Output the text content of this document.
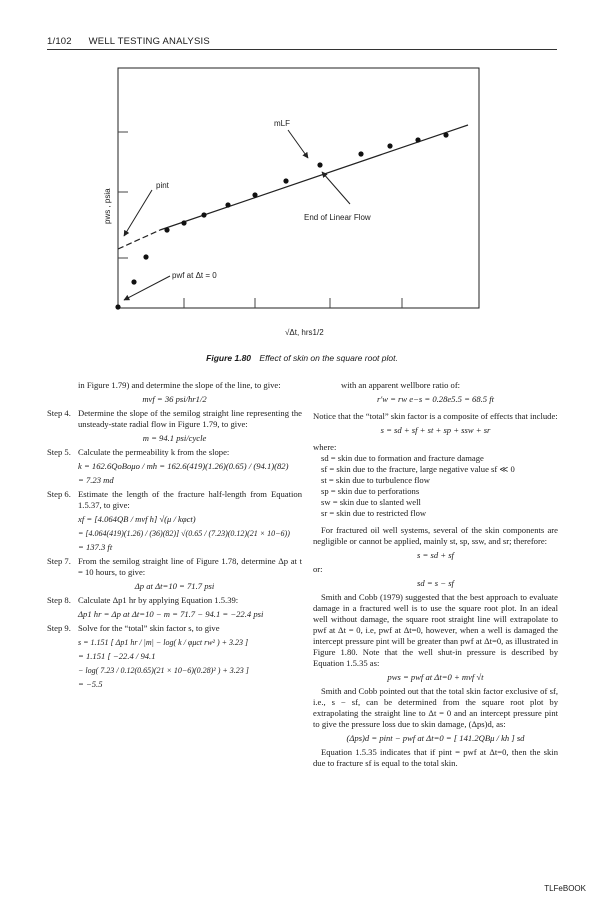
1/102 WELL TESTING ANALYSIS
mLF
pint
End of Linear Flow
pwf at Δt = 0
pws , psia
√Δt, hrs1/2
Figure 1.80 Effect of skin on the square root plot.
in Figure 1.79) and determine the slope of the line, to give:
mvf = 36 psi/hr1/2
Step 4. Determine the slope of the semilog straight line representing the unsteady-state radial flow in Figure 1.79, to give:
m = 94.1 psi/cycle
Step 5. Calculate the permeability k from the slope:
k = 162.6QoBoμo / mh = 162.6(419)(1.26)(0.65) / (94.1)(82)
= 7.23 md
Step 6. Estimate the length of the fracture half-length from Equation 1.5.37, to give:
xf = [4.064QB / mvf h] √(μ / kφct)
= [4.064(419)(1.26) / (36)(82)] √(0.65 / (7.23)(0.12)(21 × 10−6))
= 137.3 ft
Step 7. From the semilog straight line of Figure 1.78, determine Δp at t = 10 hours, to give:
Δp at Δt=10 = 71.7 psi
Step 8. Calculate Δp1 hr by applying Equation 1.5.39:
Δp1 hr = Δp at Δt=10 − m = 71.7 − 94.1 = −22.4 psi
Step 9. Solve for the “total” skin factor s, to give
s = 1.151 [ Δp1 hr / |m| − log( k / φμct rw² ) + 3.23 ]
= 1.151 [ −22.4 / 94.1
− log( 7.23 / 0.12(0.65)(21 × 10−6)(0.28)² ) + 3.23 ]
= −5.5
with an apparent wellbore ratio of:
r′w = rw e−s = 0.28e5.5 = 68.5 ft
Notice that the “total” skin factor is a composite of effects that include:
s = sd + sf + st + sp + ssw + sr
where:
sd = skin due to formation and fracture damage
sf = skin due to the fracture, large negative value sf ≪ 0
st = skin due to turbulence flow
sp = skin due to perforations
sw = skin due to slanted well
sr = skin due to restricted flow
For fractured oil well systems, several of the skin components are negligible or cannot be applied, mainly st, sp, ssw, and sr; therefore:
s = sd + sf
or:
sd = s − sf
Smith and Cobb (1979) suggested that the best approach to evaluate damage in a fractured well is to use the square root plot. In an ideal well without damage, the square root straight line will extrapolate to pwf at Δt = 0, i.e, pwf at Δt=0, however, when a well is damaged the intercept pressure pint will be greater than pwf at Δt=0, as illustrated in Figure 1.80. Note that the well shut-in pressure is described by Equation 1.5.35 as:
pws = pwf at Δt=0 + mvf √t
Smith and Cobb pointed out that the total skin factor exclusive of sf, i.e., s − sf, can be determined from the square root plot by extrapolating the straight line to Δt = 0 and an intercept pressure pint to give the pressure loss due to skin damage, (Δps)d, as:
(Δps)d = pint − pwf at Δt=0 = [ 141.2QBμ / kh ] sd
Equation 1.5.35 indicates that if pint = pwf at Δt=0, then the skin due to fracture sf is equal to the total skin.
TLFeBOOK
